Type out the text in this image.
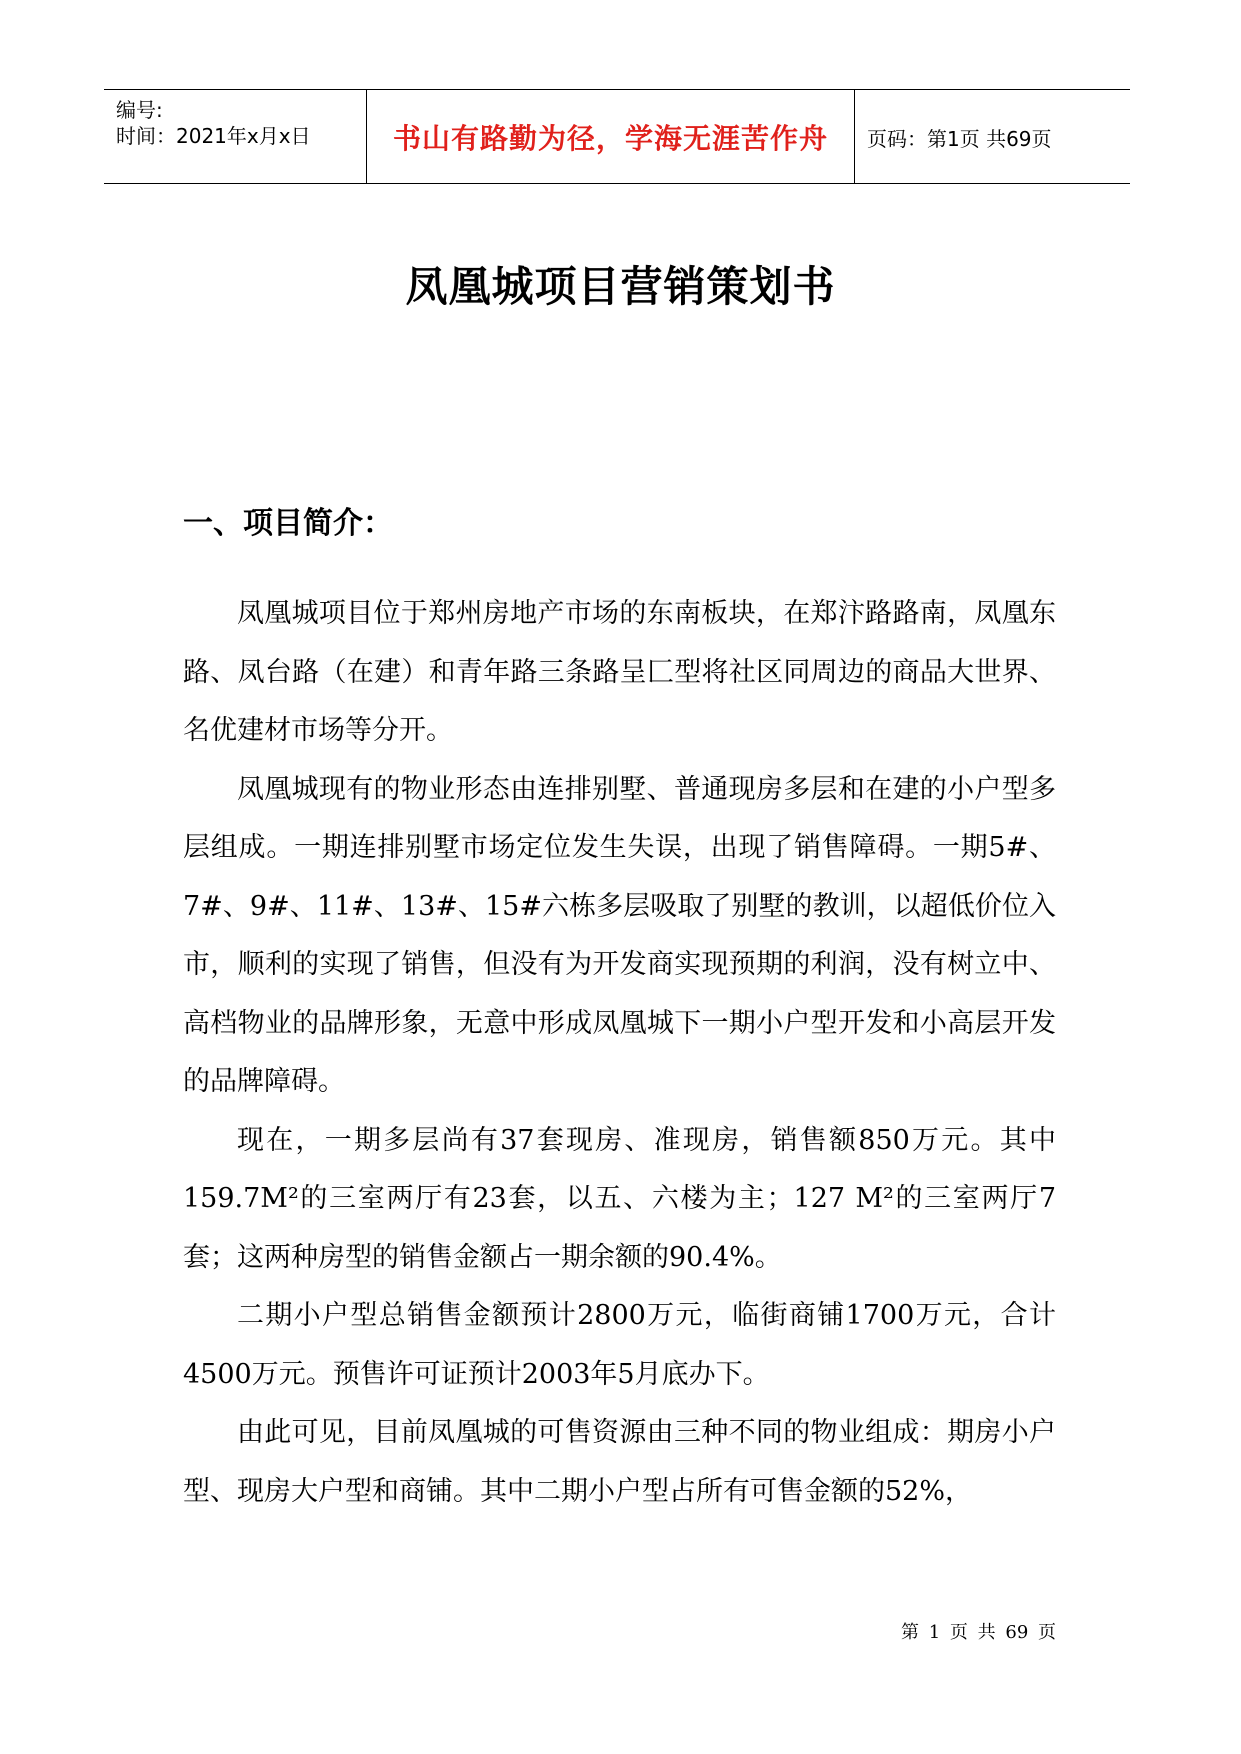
编号:
时间：2021年x月x日	书山有路勤为径，学海无涯苦作舟	页码：第1页 共69页
凤凰城项目营销策划书
一、项目简介：

凤凰城项目位于郑州房地产市场的东南板块，在郑汴路路南，凤凰东路、凤台路（在建）和青年路三条路呈匚型将社区同周边的商品大世界、名优建材市场等分开。

凤凰城现有的物业形态由连排别墅、普通现房多层和在建的小户型多层组成。一期连排别墅市场定位发生失误，出现了销售障碍。一期5#、7#、9#、11#、13#、15#六栋多层吸取了别墅的教训，以超低价位入市，顺利的实现了销售，但没有为开发商实现预期的利润，没有树立中、高档物业的品牌形象，无意中形成凤凰城下一期小户型开发和小高层开发的品牌障碍。

现在，一期多层尚有37套现房、准现房，销售额850万元。其中159.7M²的三室两厅有23套，以五、六楼为主；127 M²的三室两厅7套；这两种房型的销售金额占一期余额的90.4%。

二期小户型总销售金额预计2800万元，临街商铺1700万元，合计4500万元。预售许可证预计2003年5月底办下。

由此可见，目前凤凰城的可售资源由三种不同的物业组成：期房小户型、现房大户型和商铺。其中二期小户型占所有可售金额的52%，

第 1 页 共 69 页
